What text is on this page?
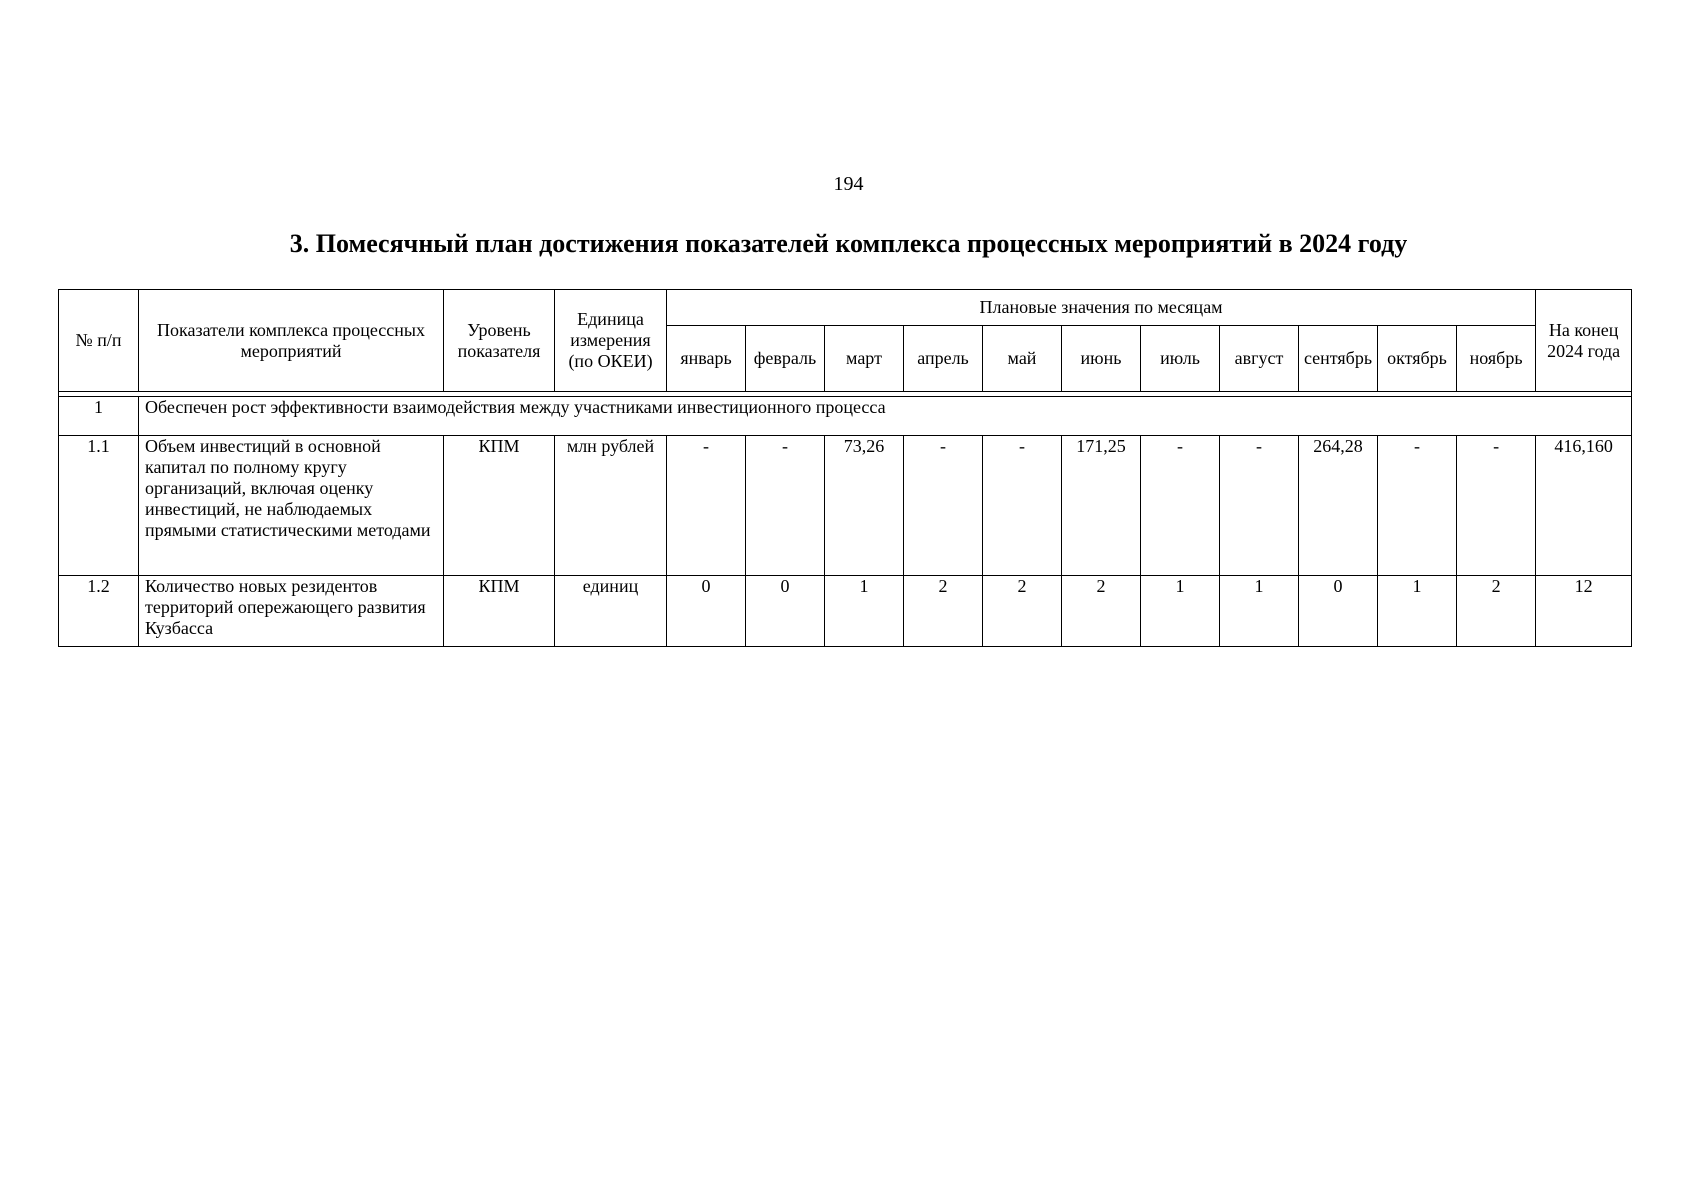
194
3. Помесячный план достижения показателей комплекса процессных мероприятий в 2024 году
№ п/п	Показатели комплекса процессных мероприятий	Уровень показателя	Единица измерения (по ОКЕИ)	Плановые значения по месяцам											На конец 2024 года
				январь	февраль	март	апрель	май	июнь	июль	август	сентябрь	октябрь	ноябрь	

1	Обеспечен рост эффективности взаимодействия между участниками инвестиционного процесса														
1.1	Объем инвестиций в основной капитал по полному кругу организаций, включая оценку инвестиций, не наблюдаемых прямыми статистическими методами	КПМ	млн рублей	-	-	73,26	-	-	171,25	-	-	264,28	-	-	416,160
1.2	Количество новых резидентов территорий опережающего развития Кузбасса	КПМ	единиц	0	0	1	2	2	2	1	1	0	1	2	12
